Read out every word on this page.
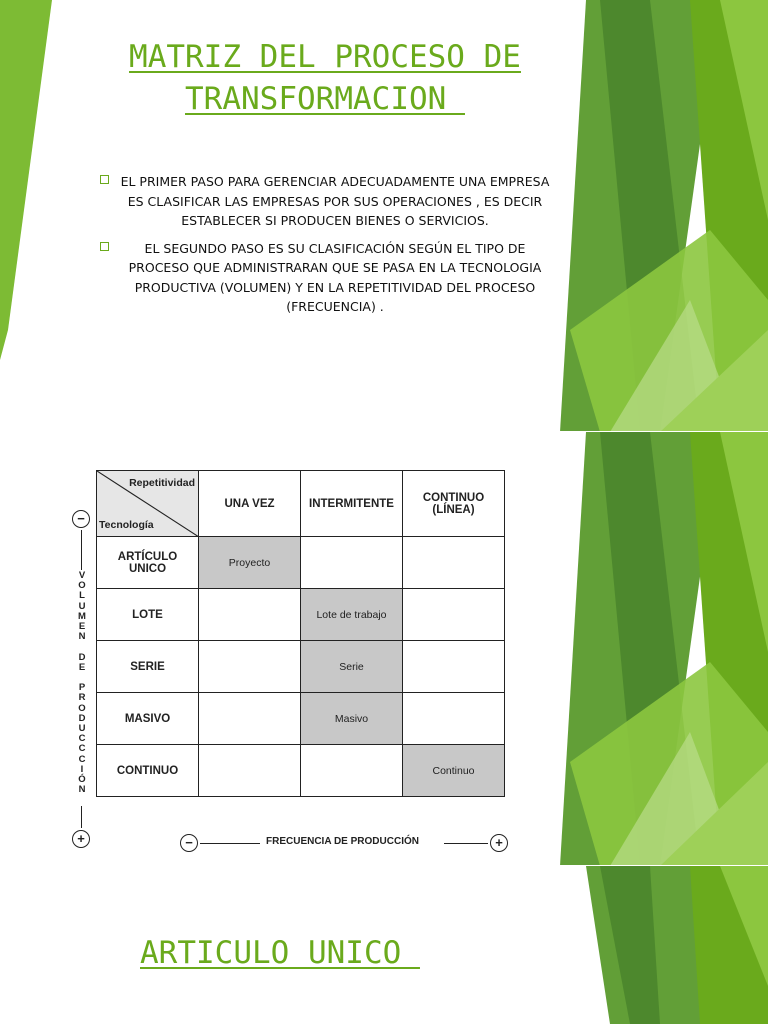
MATRIZ DEL PROCESO DE
TRANSFORMACION
EL PRIMER PASO PARA GERENCIAR ADECUADAMENTE UNA EMPRESA ES CLASIFICAR LAS EMPRESAS POR SUS OPERACIONES , ES DECIR ESTABLECER SI PRODUCEN BIENES O SERVICIOS.
EL SEGUNDO PASO ES SU CLASIFICACIÓN SEGÚN EL TIPO DE PROCESO QUE ADMINISTRARAN QUE SE PASA EN LA TECNOLOGIA PRODUCTIVA (VOLUMEN) Y EN LA REPETITIVIDAD DEL PROCESO (FRECUENCIA) .
−
V
O
L
U
M
E
N

D
E

P
R
O
D
U
C
C
C
I
Ó
N
+
Repetitividad
Tecnología	UNA VEZ	INTERMITENTE	CONTINUO
(LÍNEA)
ARTÍCULO
UNICO	Proyecto		
LOTE		Lote de trabajo	
SERIE		Serie	
MASIVO		Masivo	
CONTINUO			Continuo
−	FRECUENCIA DE PRODUCCIÓN	+
ARTICULO UNICO
